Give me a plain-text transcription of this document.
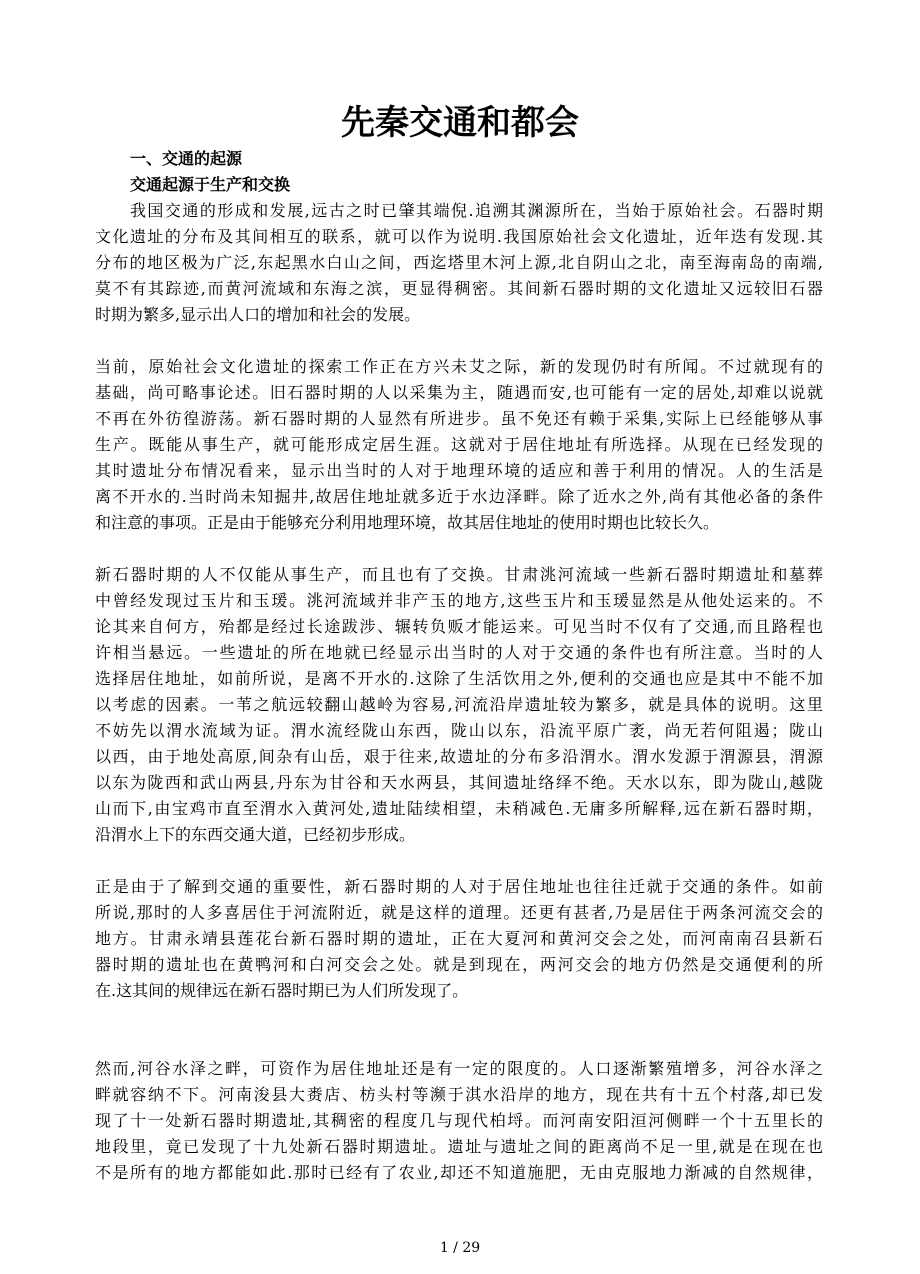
先秦交通和都会

一、交通的起源

交通起源于生产和交换

　　我国交通的形成和发展,远古之时已肇其端倪.追溯其渊源所在，当始于原始社会。石器时期
文化遗址的分布及其间相互的联系，就可以作为说明.我国原始社会文化遗址，近年迭有发现.其
分布的地区极为广泛,东起黑水白山之间，西迄塔里木河上源,北自阴山之北，南至海南岛的南端,
莫不有其踪迹,而黄河流域和东海之滨，更显得稠密。其间新石器时期的文化遗址又远较旧石器
时期为繁多,显示出人口的增加和社会的发展。
当前，原始社会文化遗址的探索工作正在方兴未艾之际，新的发现仍时有所闻。不过就现有的
基础，尚可略事论述。旧石器时期的人以采集为主，随遇而安,也可能有一定的居处,却难以说就
不再在外彷徨游荡。新石器时期的人显然有所进步。虽不免还有赖于采集,实际上已经能够从事
生产。既能从事生产，就可能形成定居生涯。这就对于居住地址有所选择。从现在已经发现的
其时遗址分布情况看来，显示出当时的人对于地理环境的适应和善于利用的情况。人的生活是
离不开水的.当时尚未知掘井,故居住地址就多近于水边泽畔。除了近水之外,尚有其他必备的条件
和注意的事项。正是由于能够充分利用地理环境，故其居住地址的使用时期也比较长久。
新石器时期的人不仅能从事生产，而且也有了交换。甘肃洮河流域一些新石器时期遗址和墓葬
中曾经发现过玉片和玉瑗。洮河流域并非产玉的地方,这些玉片和玉瑗显然是从他处运来的。不
论其来自何方，殆都是经过长途跋涉、辗转负贩才能运来。可见当时不仅有了交通,而且路程也
许相当悬远。一些遗址的所在地就已经显示出当时的人对于交通的条件也有所注意。当时的人
选择居住地址，如前所说，是离不开水的.这除了生活饮用之外,便利的交通也应是其中不能不加
以考虑的因素。一苇之航远较翻山越岭为容易,河流沿岸遗址较为繁多，就是具体的说明。这里
不妨先以渭水流域为证。渭水流经陇山东西，陇山以东，沿流平原广袤，尚无若何阻遏；陇山
以西，由于地处高原,间杂有山岳，艰于往来,故遗址的分布多沿渭水。渭水发源于渭源县，渭源
以东为陇西和武山两县,丹东为甘谷和天水两县，其间遗址络绎不绝。天水以东，即为陇山,越陇
山而下,由宝鸡市直至渭水入黄河处,遗址陆续相望，未稍减色.无庸多所解释,远在新石器时期，
沿渭水上下的东西交通大道，已经初步形成。
正是由于了解到交通的重要性，新石器时期的人对于居住地址也往往迁就于交通的条件。如前
所说,那时的人多喜居住于河流附近，就是这样的道理。还更有甚者,乃是居住于两条河流交会的
地方。甘肃永靖县莲花台新石器时期的遗址，正在大夏河和黄河交会之处，而河南南召县新石
器时期的遗址也在黄鸭河和白河交会之处。就是到现在，两河交会的地方仍然是交通便利的所
在.这其间的规律远在新石器时期已为人们所发现了。
然而,河谷水泽之畔，可资作为居住地址还是有一定的限度的。人口逐渐繁殖增多，河谷水泽之
畔就容纳不下。河南浚县大赉店、枋头村等濒于淇水沿岸的地方，现在共有十五个村落,却已发
现了十一处新石器时期遗址,其稠密的程度几与现代柏埒。而河南安阳洹河侧畔一个十五里长的
地段里，竟已发现了十九处新石器时期遗址。遗址与遗址之间的距离尚不足一里,就是在现在也
不是所有的地方都能如此.那时已经有了农业,却还不知道施肥，无由克服地力渐减的自然规律，

1 / 29
